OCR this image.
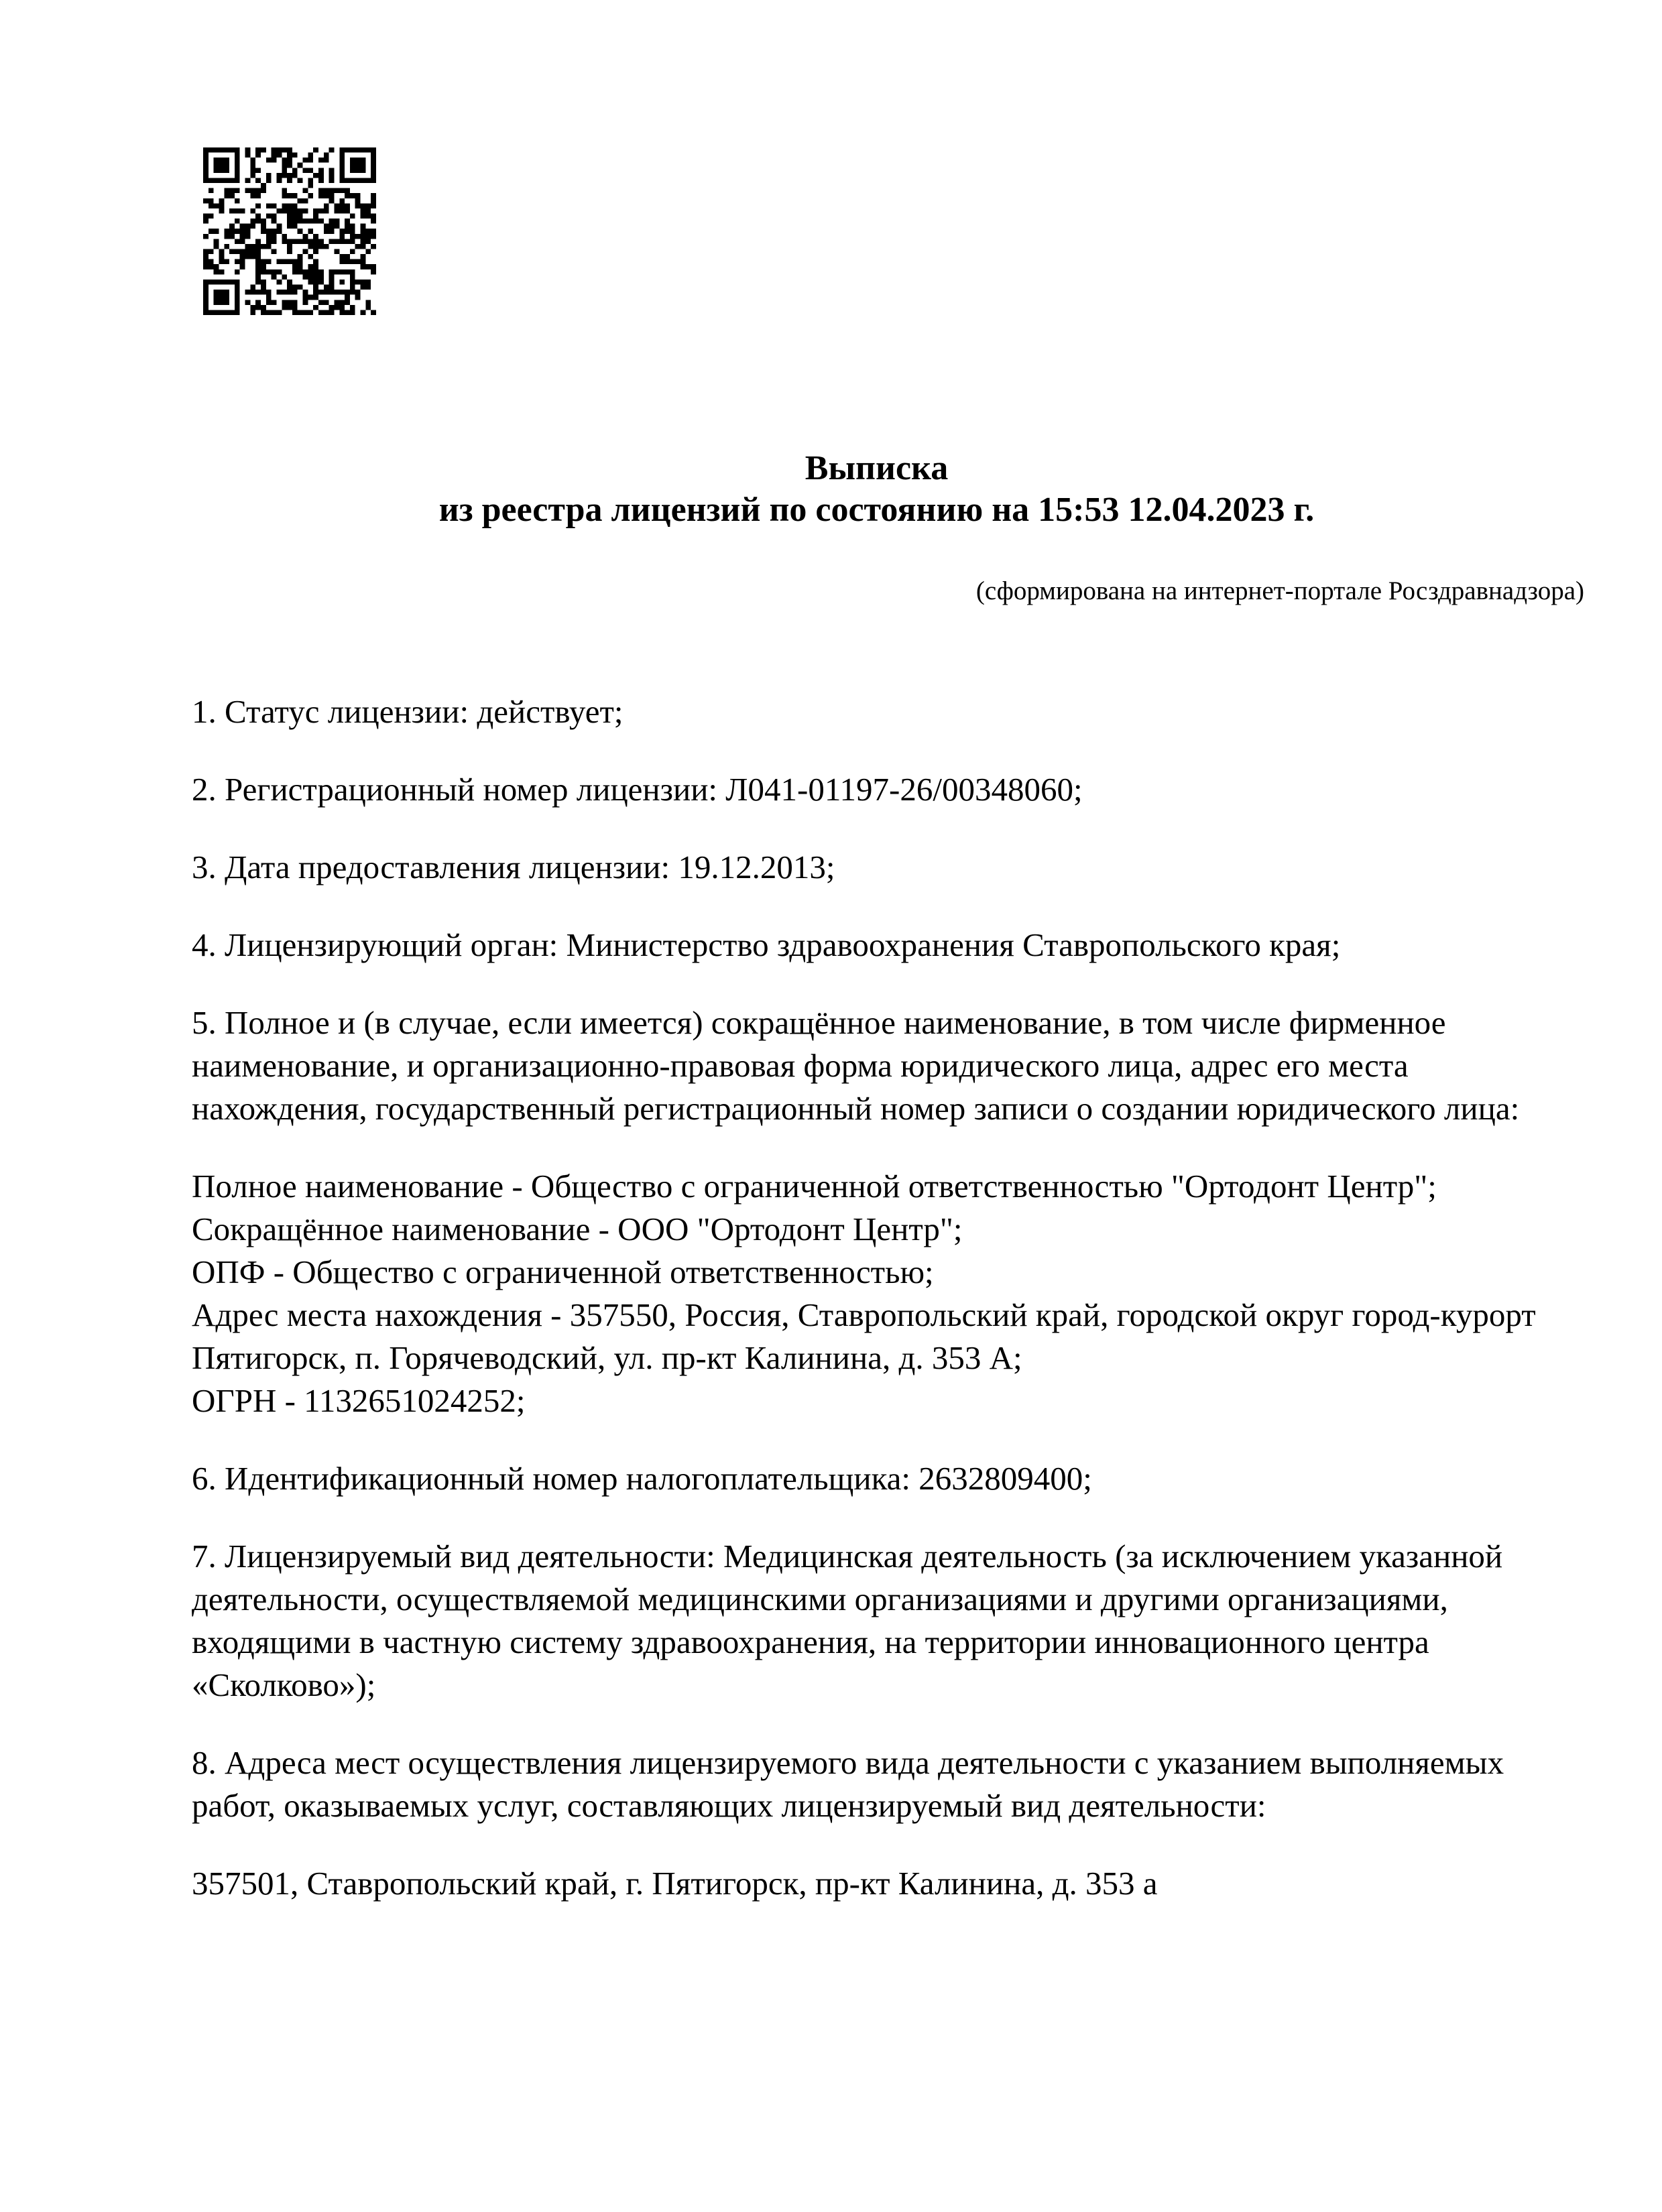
Выписка
из реестра лицензий по состоянию на 15:53 12.04.2023 г.
(сформирована на интернет-портале Росздравнадзора)
1. Статус лицензии: действует;
2. Регистрационный номер лицензии: Л041-01197-26/00348060;
3. Дата предоставления лицензии: 19.12.2013;
4. Лицензирующий орган: Министерство здравоохранения Ставропольского края;
5. Полное и (в случае, если имеется) сокращённое наименование, в том числе фирменное
наименование, и организационно-правовая форма юридического лица, адрес его места
нахождения, государственный регистрационный номер записи о создании юридического лица:
Полное наименование - Общество с ограниченной ответственностью "Ортодонт Центр";
Сокращённое наименование - ООО "Ортодонт Центр";
ОПФ - Общество с ограниченной ответственностью;
Адрес места нахождения - 357550, Россия, Ставропольский край, городской округ город-курорт
Пятигорск, п. Горячеводский, ул. пр-кт Калинина, д. 353 А;
ОГРН - 1132651024252;
6. Идентификационный номер налогоплательщика: 2632809400;
7. Лицензируемый вид деятельности: Медицинская деятельность (за исключением указанной
деятельности, осуществляемой медицинскими организациями и другими организациями,
входящими в частную систему здравоохранения, на территории инновационного центра
«Сколково»);
8. Адреса мест осуществления лицензируемого вида деятельности с указанием выполняемых
работ, оказываемых услуг, составляющих лицензируемый вид деятельности:
357501, Ставропольский край, г. Пятигорск, пр-кт Калинина, д. 353 а
